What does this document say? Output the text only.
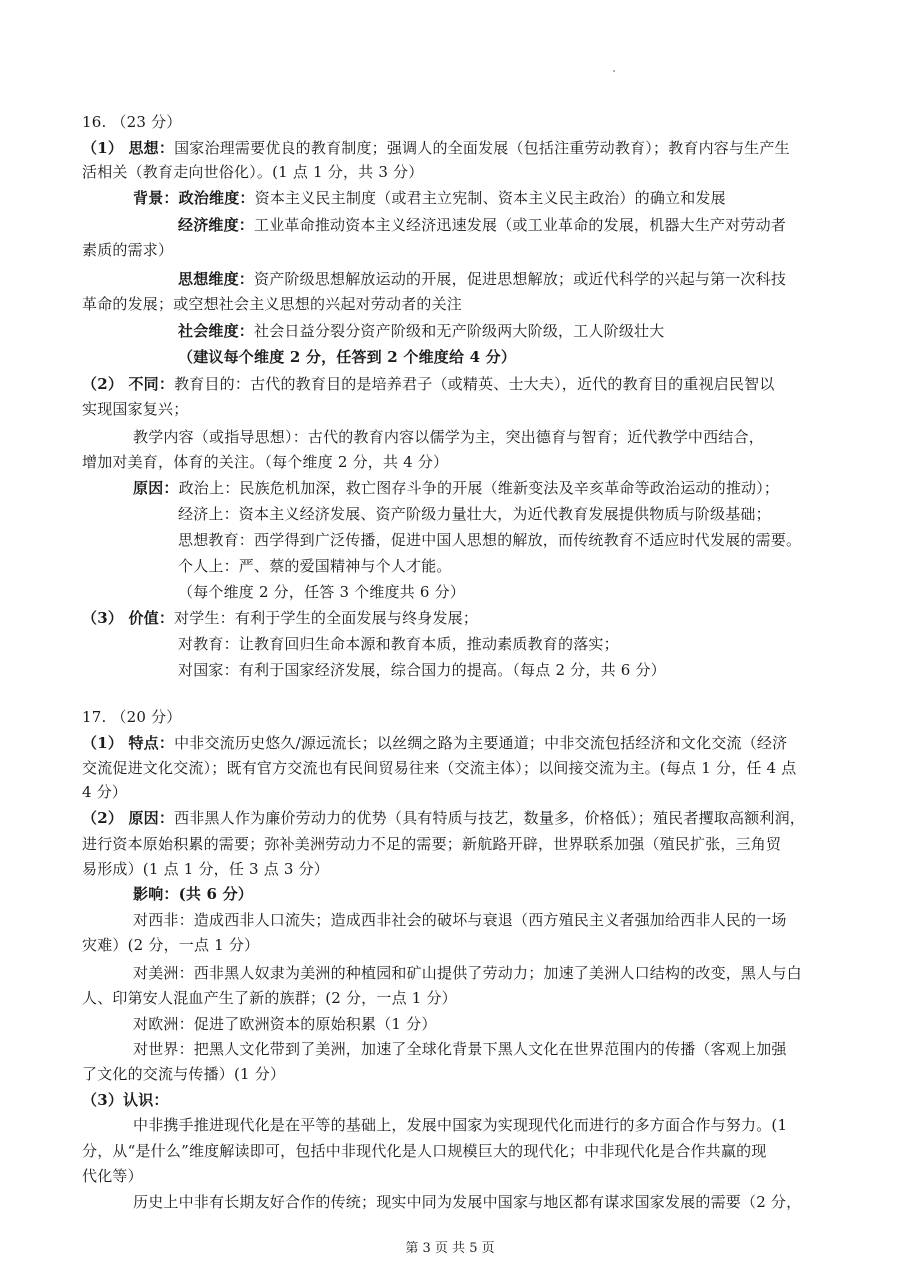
16. （23 分）
（1） 思想：国家治理需要优良的教育制度；强调人的全面发展（包括注重劳动教育）；教育内容与生产生
活相关（教育走向世俗化）。(1 点 1 分，共 3 分）
背景：政治维度：资本主义民主制度（或君主立宪制、资本主义民主政治）的确立和发展
经济维度：工业革命推动资本主义经济迅速发展（或工业革命的发展，机器大生产对劳动者
素质的需求）
思想维度：资产阶级思想解放运动的开展，促进思想解放；或近代科学的兴起与第一次科技
革命的发展；或空想社会主义思想的兴起对劳动者的关注
社会维度：社会日益分裂分资产阶级和无产阶级两大阶级，工人阶级壮大
（建议每个维度 2 分，任答到 2 个维度给 4 分）
（2） 不同：教育目的：古代的教育目的是培养君子（或精英、士大夫），近代的教育目的重视启民智以
实现国家复兴；
教学内容（或指导思想）：古代的教育内容以儒学为主，突出德育与智育；近代教学中西结合，
增加对美育，体育的关注。（每个维度 2 分，共 4 分）
原因：政治上：民族危机加深，救亡图存斗争的开展（维新变法及辛亥革命等政治运动的推动）；
经济上：资本主义经济发展、资产阶级力量壮大，为近代教育发展提供物质与阶级基础；
思想教育：西学得到广泛传播，促进中国人思想的解放，而传统教育不适应时代发展的需要。
个人上：严、蔡的爱国精神与个人才能。
（每个维度 2 分，任答 3 个维度共 6 分）
（3） 价值：对学生：有利于学生的全面发展与终身发展；
对教育：让教育回归生命本源和教育本质，推动素质教育的落实；
对国家：有利于国家经济发展，综合国力的提高。（每点 2 分，共 6 分）
17. （20 分）
（1） 特点：中非交流历史悠久/源远流长；以丝绸之路为主要通道；中非交流包括经济和文化交流（经济
交流促进文化交流）；既有官方交流也有民间贸易往来（交流主体）；以间接交流为主。(每点 1 分，任 4 点
4 分）
（2） 原因：西非黑人作为廉价劳动力的优势（具有特质与技艺，数量多，价格低）；殖民者攫取高额利润，
进行资本原始积累的需要；弥补美洲劳动力不足的需要；新航路开辟，世界联系加强（殖民扩张，三角贸
易形成）(1 点 1 分，任 3 点 3 分）
影响：(共 6 分）
对西非：造成西非人口流失；造成西非社会的破坏与衰退（西方殖民主义者强加给西非人民的一场
灾难）(2 分，一点 1 分）
对美洲：西非黑人奴隶为美洲的种植园和矿山提供了劳动力；加速了美洲人口结构的改变，黑人与白
人、印第安人混血产生了新的族群；(2 分，一点 1 分）
对欧洲：促进了欧洲资本的原始积累（1 分）
对世界：把黑人文化带到了美洲，加速了全球化背景下黑人文化在世界范围内的传播（客观上加强
了文化的交流与传播）(1 分）
（3）认识：
中非携手推进现代化是在平等的基础上，发展中国家为实现现代化而进行的多方面合作与努力。(1
分，从“是什么”维度解读即可，包括中非现代化是人口规模巨大的现代化；中非现代化是合作共赢的现
代化等）
历史上中非有长期友好合作的传统；现实中同为发展中国家与地区都有谋求国家发展的需要（2 分，
第 3 页 共 5 页
